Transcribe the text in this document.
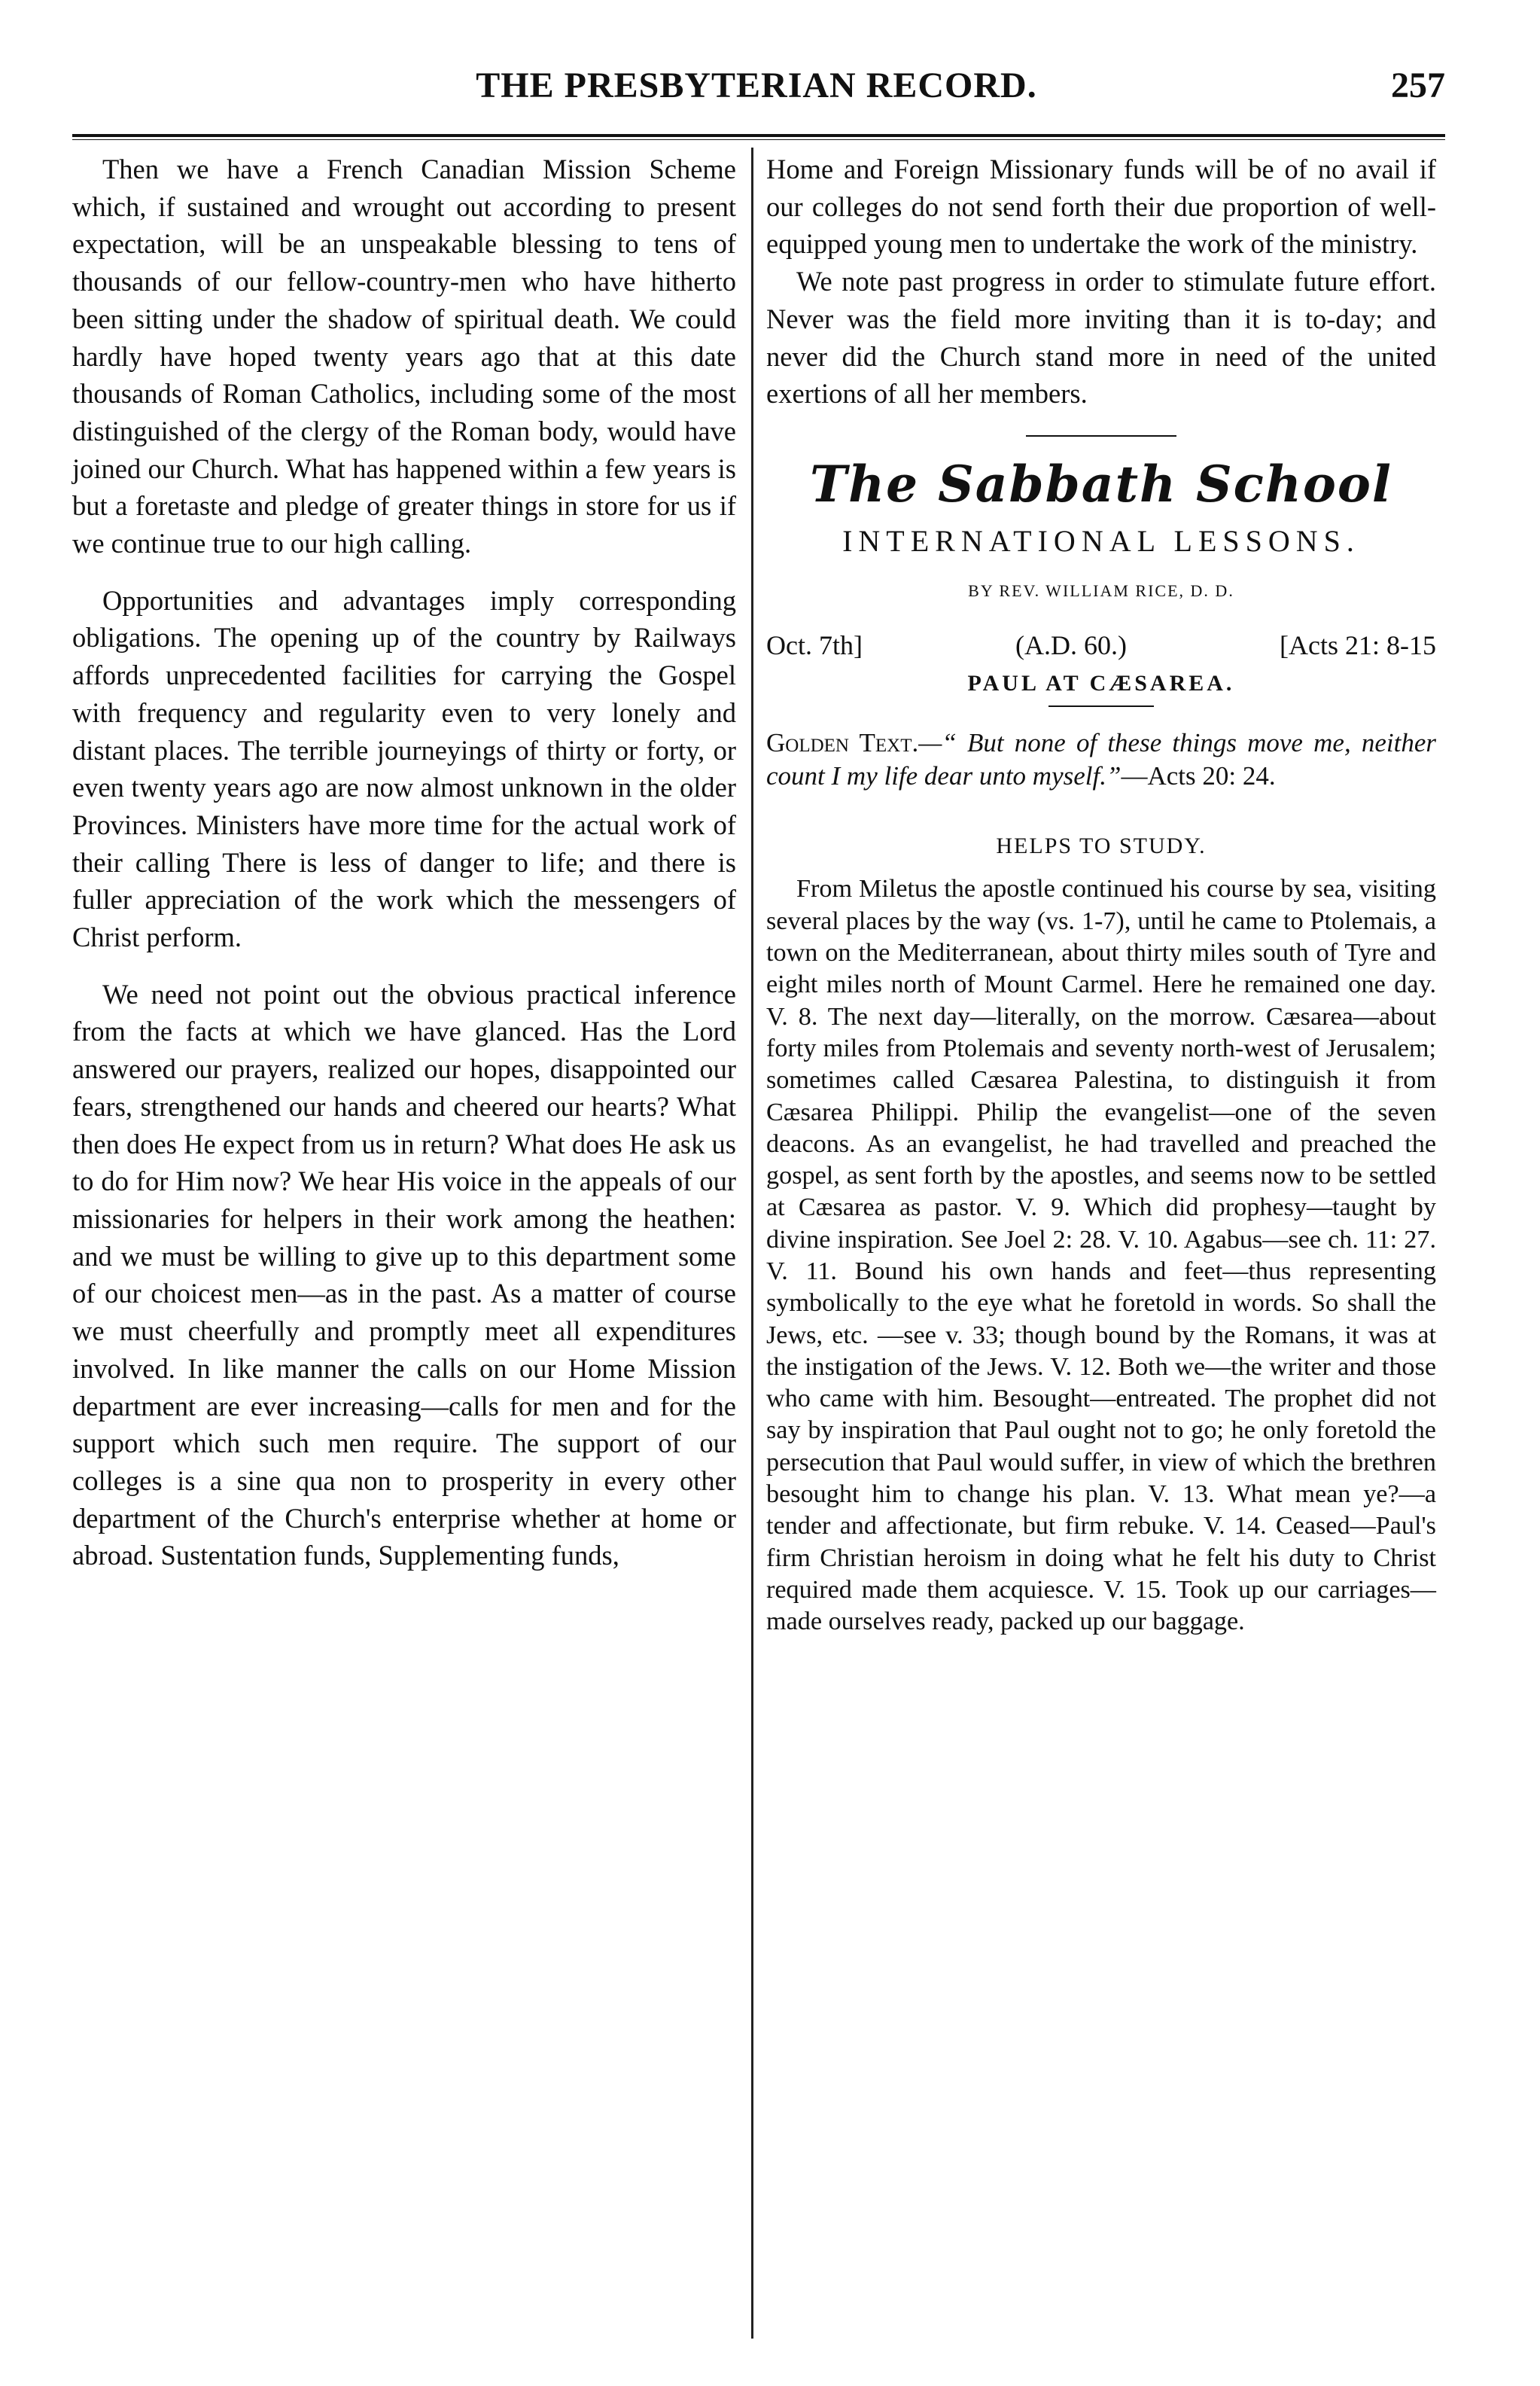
THE PRESBYTERIAN RECORD.	257

Then we have a French Canadian Mission Scheme which, if sustained and wrought out according to present expectation, will be an unspeakable blessing to tens of thousands of our fellow-country-men who have hitherto been sitting under the shadow of spiritual death. We could hardly have hoped twenty years ago that at this date thousands of Roman Catholics, including some of the most distinguished of the clergy of the Roman body, would have joined our Church. What has happened within a few years is but a foretaste and pledge of greater things in store for us if we continue true to our high calling.

Opportunities and advantages imply corresponding obligations. The opening up of the country by Railways affords unprecedented facilities for carrying the Gospel with frequency and regularity even to very lonely and distant places. The terrible journeyings of thirty or forty, or even twenty years ago are now almost unknown in the older Provinces. Ministers have more time for the actual work of their calling There is less of danger to life; and there is fuller appreciation of the work which the messengers of Christ perform.

We need not point out the obvious practical inference from the facts at which we have glanced. Has the Lord answered our prayers, realized our hopes, disappointed our fears, strengthened our hands and cheered our hearts? What then does He expect from us in return? What does He ask us to do for Him now? We hear His voice in the appeals of our missionaries for helpers in their work among the heathen: and we must be willing to give up to this department some of our choicest men—as in the past. As a matter of course we must cheerfully and promptly meet all expenditures involved. In like manner the calls on our Home Mission department are ever increasing—calls for men and for the support which such men require. The support of our colleges is a sine qua non to prosperity in every other department of the Church's enterprise whether at home or abroad. Sustentation funds, Supplementing funds,

Home and Foreign Missionary funds will be of no avail if our colleges do not send forth their due proportion of well-equipped young men to undertake the work of the ministry.

We note past progress in order to stimulate future effort. Never was the field more inviting than it is to-day; and never did the Church stand more in need of the united exertions of all her members.

The Sabbath School
INTERNATIONAL LESSONS.
BY REV. WILLIAM RICE, D. D.
Oct. 7th]	(A.D. 60.)	[Acts 21: 8-15
PAUL AT CÆSAREA.
Golden Text.—“ But none of these things move me, neither count I my life dear unto myself.”—Acts 20: 24.
HELPS TO STUDY.

From Miletus the apostle continued his course by sea, visiting several places by the way (vs. 1-7), until he came to Ptolemais, a town on the Mediterranean, about thirty miles south of Tyre and eight miles north of Mount Carmel. Here he remained one day. V. 8. The next day—literally, on the morrow. Cæsarea—about forty miles from Ptolemais and seventy north-west of Jerusalem; sometimes called Cæsarea Palestina, to distinguish it from Cæsarea Philippi. Philip the evangelist—one of the seven deacons. As an evangelist, he had travelled and preached the gospel, as sent forth by the apostles, and seems now to be settled at Cæsarea as pastor. V. 9. Which did prophesy—taught by divine inspiration. See Joel 2: 28. V. 10. Agabus—see ch. 11: 27. V. 11. Bound his own hands and feet—thus representing symbolically to the eye what he foretold in words. So shall the Jews, etc. —see v. 33; though bound by the Romans, it was at the instigation of the Jews. V. 12. Both we—the writer and those who came with him. Besought—entreated. The prophet did not say by inspiration that Paul ought not to go; he only foretold the persecution that Paul would suffer, in view of which the brethren besought him to change his plan. V. 13. What mean ye?—a tender and affectionate, but firm rebuke. V. 14. Ceased—Paul's firm Christian heroism in doing what he felt his duty to Christ required made them acquiesce. V. 15. Took up our carriages—made ourselves ready, packed up our baggage.
